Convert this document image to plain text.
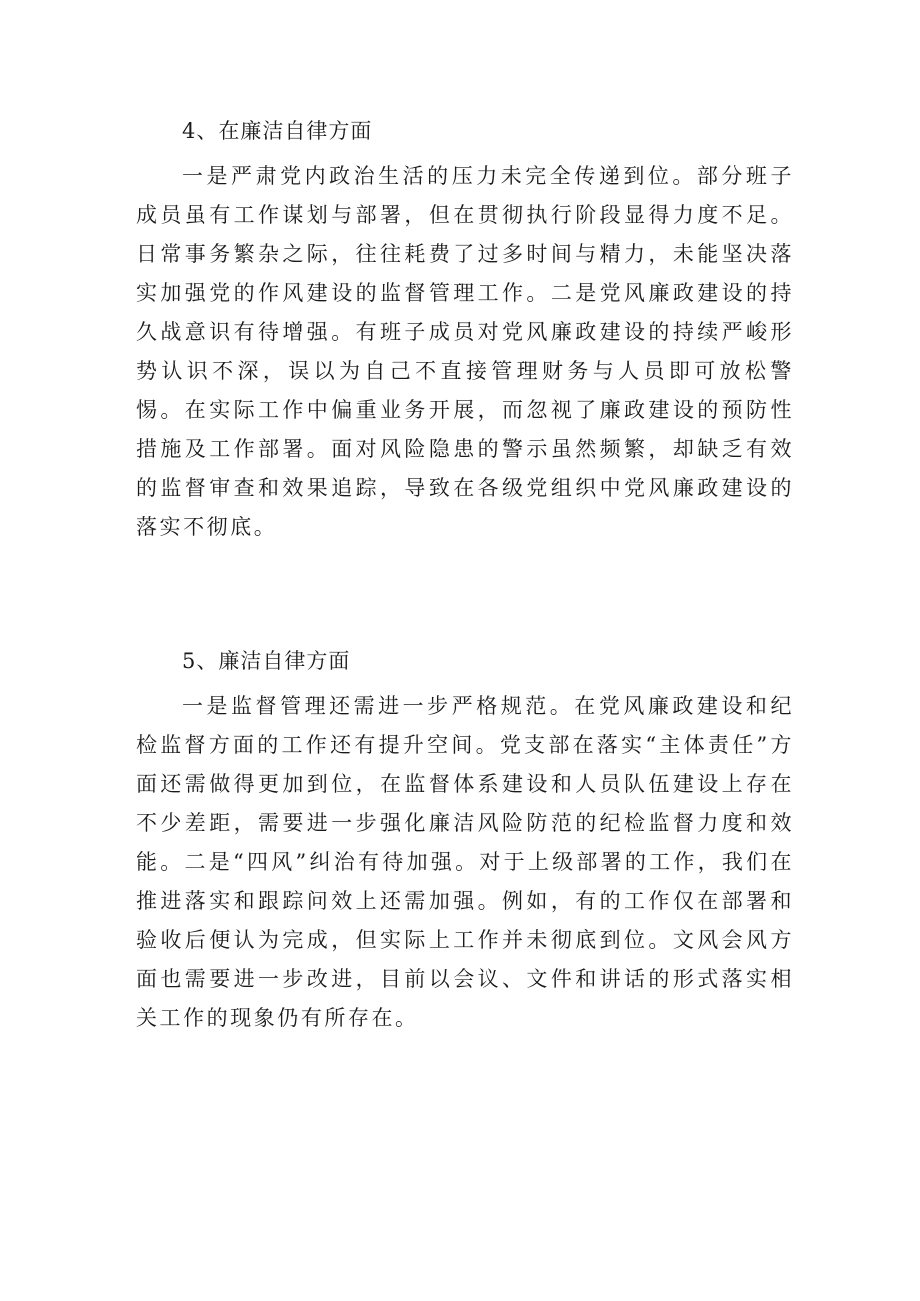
4、在廉洁自律方面

一是严肃党内政治生活的压力未完全传递到位。部分班子成员虽有工作谋划与部署，但在贯彻执行阶段显得力度不足。日常事务繁杂之际，往往耗费了过多时间与精力，未能坚决落实加强党的作风建设的监督管理工作。二是党风廉政建设的持久战意识有待增强。有班子成员对党风廉政建设的持续严峻形势认识不深，误以为自己不直接管理财务与人员即可放松警惕。在实际工作中偏重业务开展，而忽视了廉政建设的预防性措施及工作部署。面对风险隐患的警示虽然频繁，却缺乏有效的监督审查和效果追踪，导致在各级党组织中党风廉政建设的落实不彻底。

5、廉洁自律方面

一是监督管理还需进一步严格规范。在党风廉政建设和纪检监督方面的工作还有提升空间。党支部在落实“主体责任”方面还需做得更加到位，在监督体系建设和人员队伍建设上存在不少差距，需要进一步强化廉洁风险防范的纪检监督力度和效能。二是“四风”纠治有待加强。对于上级部署的工作，我们在推进落实和跟踪问效上还需加强。例如，有的工作仅在部署和验收后便认为完成，但实际上工作并未彻底到位。文风会风方面也需要进一步改进，目前以会议、文件和讲话的形式落实相关工作的现象仍有所存在。
